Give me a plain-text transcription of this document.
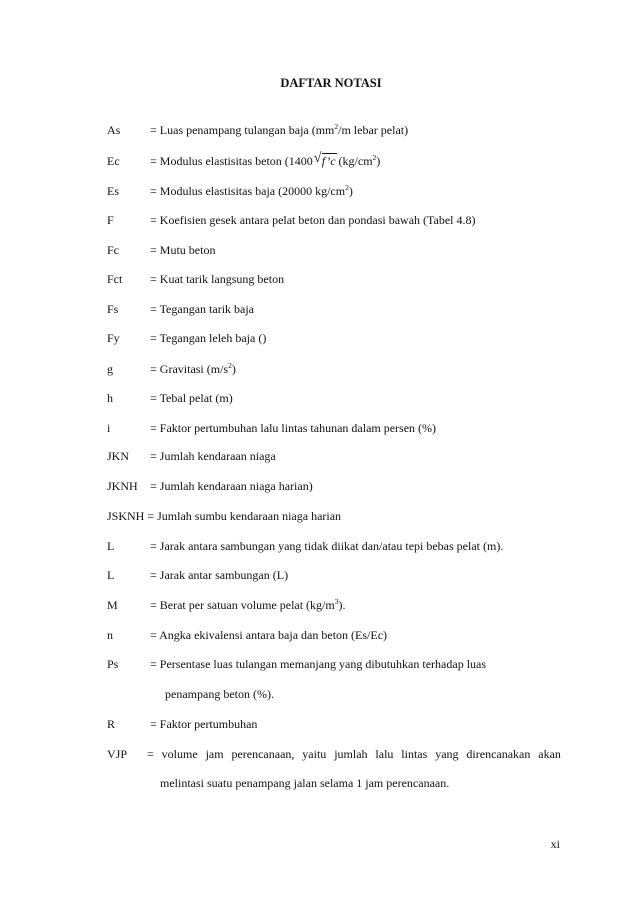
DAFTAR NOTASI
As = Luas penampang tulangan baja ($mm^2/m$ lebar pelat)
Ec	= Modulus elastisitas beton (1400 √ f’c $(kg/cm^2)$
Es	= Modulus elastisitas baja (20000 $kg/cm^2$)
F	= Koefisien gesek antara pelat beton dan pondasi bawah (Tabel 4.8)
Fc	= Mutu beton
Fct = Kuat tarik langsung beton
Fs	= Tegangan tarik baja
Fy	= Tegangan leleh baja ()
g	= Gravitasi $(m/s^2)$
h	= Tebal pelat (m)
i	= Faktor pertumbuhan lalu lintas tahunan dalam persen (%)
JKN = Jumlah kendaraan niaga
JKNH = Jumlah kendaraan niaga harian)
JSKNH = Jumlah sumbu kendaraan niaga harian
L	= Jarak antara sambungan yang tidak diikat dan/atau tepi bebas pelat (m).
L	= Jarak antar sambungan (L)
M	= Berat per satuan volume pelat $(kg/m^3)$.
n	= Angka ekivalensi antara baja dan beton (Es/Ec)
Ps	= Persentase luas tulangan memanjang yang dibutuhkan terhadap luas
penampang beton (%).
R	= Faktor pertumbuhan
VJP = volume jam perencanaan, yaitu jumlah lalu lintas yang direncanakan akan
melintasi suatu penampang jalan selama 1 jam perencanaan.
xi
